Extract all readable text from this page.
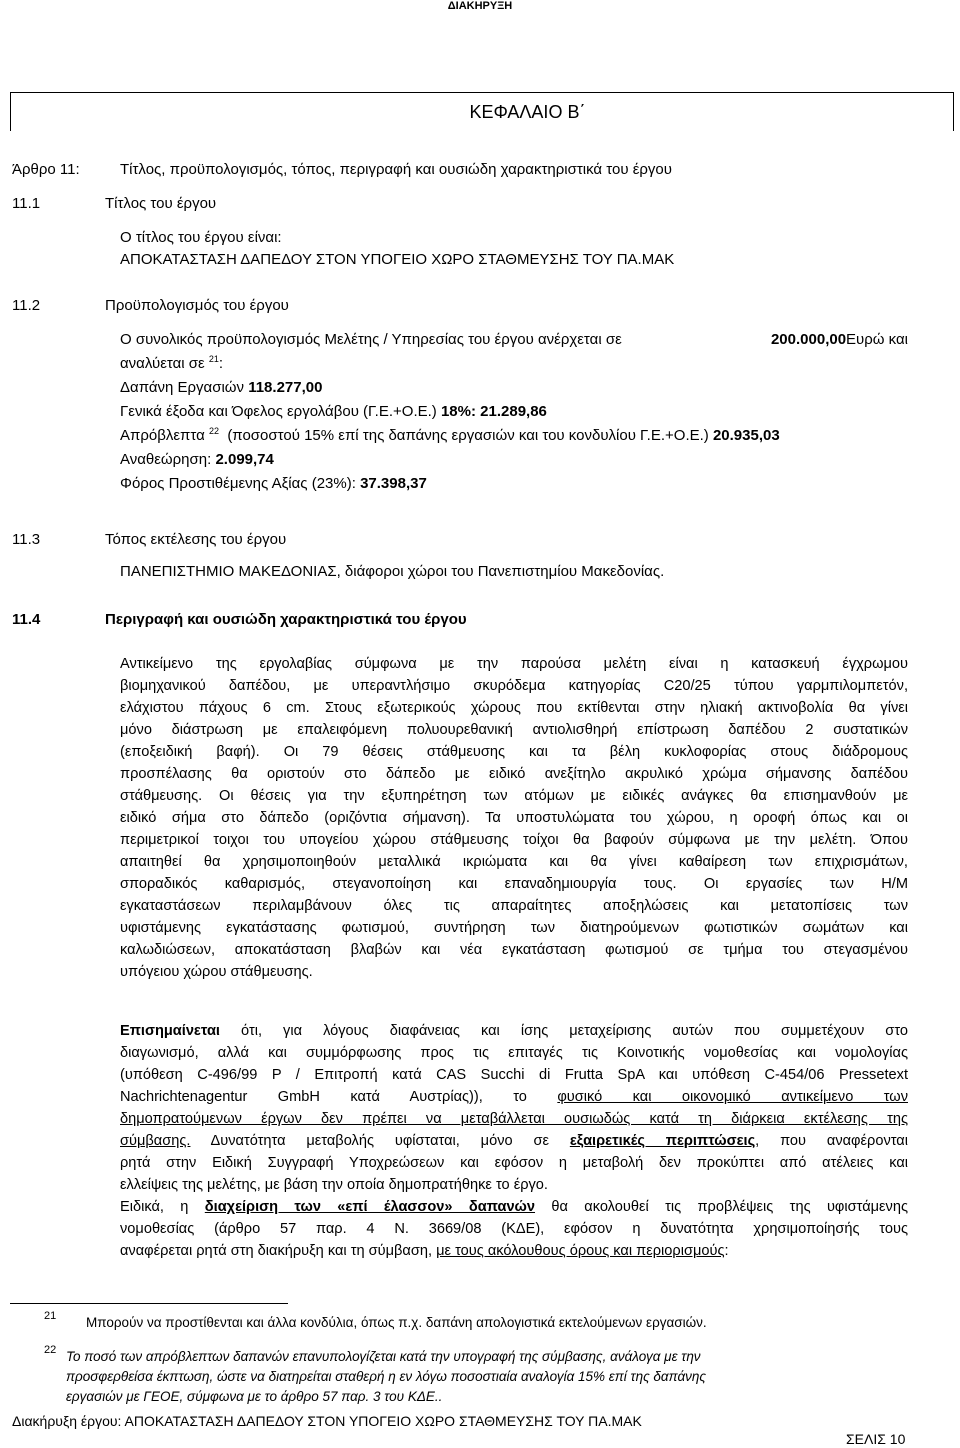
ΔΙΑΚΗΡΥΞΗ
ΚΕΦΑΛΑΙΟ Β΄
Άρθρο 11:	Τίτλος, προϋπολογισμός, τόπος, περιγραφή και ουσιώδη χαρακτηριστικά του έργου
11.1	Τίτλος του έργου
Ο τίτλος του έργου είναι:
ΑΠΟΚΑΤΑΣΤΑΣΗ ΔΑΠΕΔΟΥ ΣΤΟΝ ΥΠΟΓΕΙΟ ΧΩΡΟ ΣΤΑΘΜΕΥΣΗΣ ΤΟΥ ΠΑ.ΜΑΚ
11.2	Προϋπολογισμός του έργου
Ο συνολικός προϋπολογισμός Μελέτης / Υπηρεσίας του έργου ανέρχεται σε	200.000,00Ευρώ και
αναλύεται σε $^{21}$:
Δαπάνη Εργασιών 118.277,00
Γενικά έξοδα και Όφελος εργολάβου (Γ.Ε.+Ο.Ε.) 18%: 21.289,86
Απρόβλεπτα $^{22}$ (ποσοστού 15% επί της δαπάνης εργασιών και του κονδυλίου Γ.Ε.+Ο.Ε.) 20.935,03
Αναθεώρηση: 2.099,74
Φόρος Προστιθέμενης Αξίας (23%): 37.398,37
11.3	Τόπος εκτέλεσης του έργου
ΠΑΝΕΠΙΣΤΗΜΙΟ ΜΑΚΕΔΟΝΙΑΣ, διάφοροι χώροι του Πανεπιστημίου Μακεδονίας.
11.4	Περιγραφή και ουσιώδη χαρακτηριστικά του έργου
Αντικείμενο της εργολαβίας σύμφωνα με την παρούσα μελέτη είναι η κατασκευή έγχρωμου
βιομηχανικού δαπέδου, με υπεραντλήσιμο σκυρόδεμα κατηγορίας C20/25 τύπου γαρμπιλομπετόν,
ελάχιστου πάχους 6 cm. Στους εξωτερικούς χώρους που εκτίθενται στην ηλιακή ακτινοβολία θα γίνει
μόνο διάστρωση με επαλειφόμενη πολυουρεθανική αντιολισθηρή επίστρωση δαπέδου 2 συστατικών
(εποξειδική βαφή). Οι 79 θέσεις στάθμευσης και τα βέλη κυκλοφορίας στους διάδρομους
προσπέλασης θα οριστούν στο δάπεδο με ειδικό ανεξίτηλο ακρυλικό χρώμα σήμανσης δαπέδου
στάθμευσης. Οι θέσεις για την εξυπηρέτηση των ατόμων με ειδικές ανάγκες θα επισημανθούν με
ειδικό σήμα στο δάπεδο (οριζόντια σήμανση). Τα υποστυλώματα του χώρου, η οροφή όπως και οι
περιμετρικοί τοιχοι του υπογείου χώρου στάθμευσης τοίχοι θα βαφούν σύμφωνα με την μελέτη. Όπου
απαιτηθεί θα χρησιμοποιηθούν μεταλλικά ικριώματα και θα γίνει καθαίρεση των επιχρισμάτων,
σποραδικός καθαρισμός, στεγανοποίηση και επαναδημιουργία τους. Οι εργασίες των Η/Μ
εγκαταστάσεων περιλαμβάνουν όλες τις απαραίτητες αποξηλώσεις και μετατοπίσεις των
υφιστάμενης εγκατάστασης φωτισμού, συντήρηση των διατηρούμενων φωτιστικών σωμάτων και
καλωδιώσεων, αποκατάσταση βλαβών και νέα εγκατάσταση φωτισμού σε τμήμα του στεγασμένου
υπόγειου χώρου στάθμευσης.
Επισημαίνεται ότι, για λόγους διαφάνειας και ίσης μεταχείρισης αυτών που συμμετέχουν στο
διαγωνισμό, αλλά και συμμόρφωσης προς τις επιταγές τις Κοινοτικής νομοθεσίας και νομολογίας
(υπόθεση C-496/99 P / Επιτροπή κατά CAS Succhi di Frutta SpA και υπόθεση C-454/06 Pressetext
Nachrichtenagentur GmbH κατά Αυστρίας)), το φυσικό και οικονομικό αντικείμενο των
δημοπρατούμενων έργων δεν πρέπει να μεταβάλλεται ουσιωδώς κατά τη διάρκεια εκτέλεσης της
σύμβασης. Δυνατότητα μεταβολής υφίσταται, μόνο σε εξαιρετικές περιπτώσεις, που αναφέρονται
ρητά στην Ειδική Συγγραφή Υποχρεώσεων και εφόσον η μεταβολή δεν προκύπτει από ατέλειες και
ελλείψεις της μελέτης, με βάση την οποία δημοπρατήθηκε το έργο.
Ειδικά, η διαχείριση των «επί έλασσον» δαπανών θα ακολουθεί τις προβλέψεις της υφιστάμενης
νομοθεσίας (άρθρο 57 παρ. 4 Ν. 3669/08 (ΚΔΕ), εφόσον η δυνατότητα χρησιμοποίησής τους
αναφέρεται ρητά στη διακήρυξη και τη σύμβαση, με τους ακόλουθους όρους και περιορισμούς:
21 Μπορούν να προστίθενται και άλλα κονδύλια, όπως π.χ. δαπάνη απολογιστικά εκτελούμενων εργασιών.
22 Το ποσό των απρόβλεπτων δαπανών επανυπολογίζεται κατά την υπογραφή της σύμβασης, ανάλογα με την
προσφερθείσα έκπτωση, ώστε να διατηρείται σταθερή η εν λόγω ποσοστιαία αναλογία 15% επί της δαπάνης
εργασιών με ΓΕΟΕ, σύμφωνα με το άρθρο 57 παρ. 3 του ΚΔΕ..
Διακήρυξη έργου: ΑΠΟΚΑΤΑΣΤΑΣΗ ΔΑΠΕΔΟΥ ΣΤΟΝ ΥΠΟΓΕΙΟ ΧΩΡΟ ΣΤΑΘΜΕΥΣΗΣ ΤΟΥ ΠΑ.ΜΑΚ
ΣΕΛΙΣ 10
